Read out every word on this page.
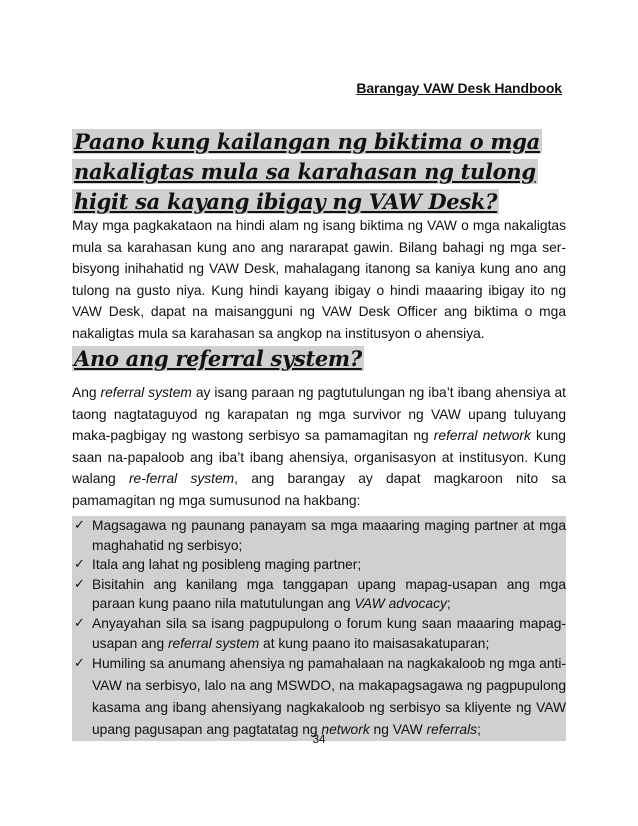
Barangay VAW Desk Handbook
Paano kung kailangan ng biktima o mga nakaligtas mula sa karahasan ng tulong higit sa kayang ibigay ng VAW Desk?

May mga pagkakataon na hindi alam ng isang biktima ng VAW o mga nakaligtas mula sa karahasan kung ano ang nararapat gawin. Bilang bahagi ng mga ser-bisyong inihahatid ng VAW Desk, mahalagang itanong sa kaniya kung ano ang tulong na gusto niya. Kung hindi kayang ibigay o hindi maaaring ibigay ito ng VAW Desk, dapat na maisangguni ng VAW Desk Officer ang biktima o mga nakaligtas mula sa karahasan sa angkop na institusyon o ahensiya.

Ano ang referral system?

Ang referral system ay isang paraan ng pagtutulungan ng iba’t ibang ahensiya at taong nagtataguyod ng karapatan ng mga survivor ng VAW upang tuluyang maka-pagbigay ng wastong serbisyo sa pamamagitan ng referral network kung saan na-papaloob ang iba’t ibang ahensiya, organisasyon at institusyon. Kung walang re-ferral system, ang barangay ay dapat magkaroon nito sa pamamagitan ng mga sumusunod na hakbang:

✓ Magsagawa ng paunang panayam sa mga maaaring maging partner at mga maghahatid ng serbisyo;
✓ Itala ang lahat ng posibleng maging partner;
✓ Bisitahin ang kanilang mga tanggapan upang mapag-usapan ang mga paraan kung paano nila matutulungan ang VAW advocacy;
✓ Anyayahan sila sa isang pagpupulong o forum kung saan maaaring mapag-usapan ang referral system at kung paano ito maisasakatuparan;
✓ Humiling sa anumang ahensiya ng pamahalaan na nagkakaloob ng mga anti-VAW na serbisyo, lalo na ang MSWDO, na makapagsagawa ng pagpupulong kasama ang ibang ahensiyang nagkakaloob ng serbisyo sa kliyente ng VAW upang pagusapan ang pagtatatag ng network ng VAW referrals;
34
